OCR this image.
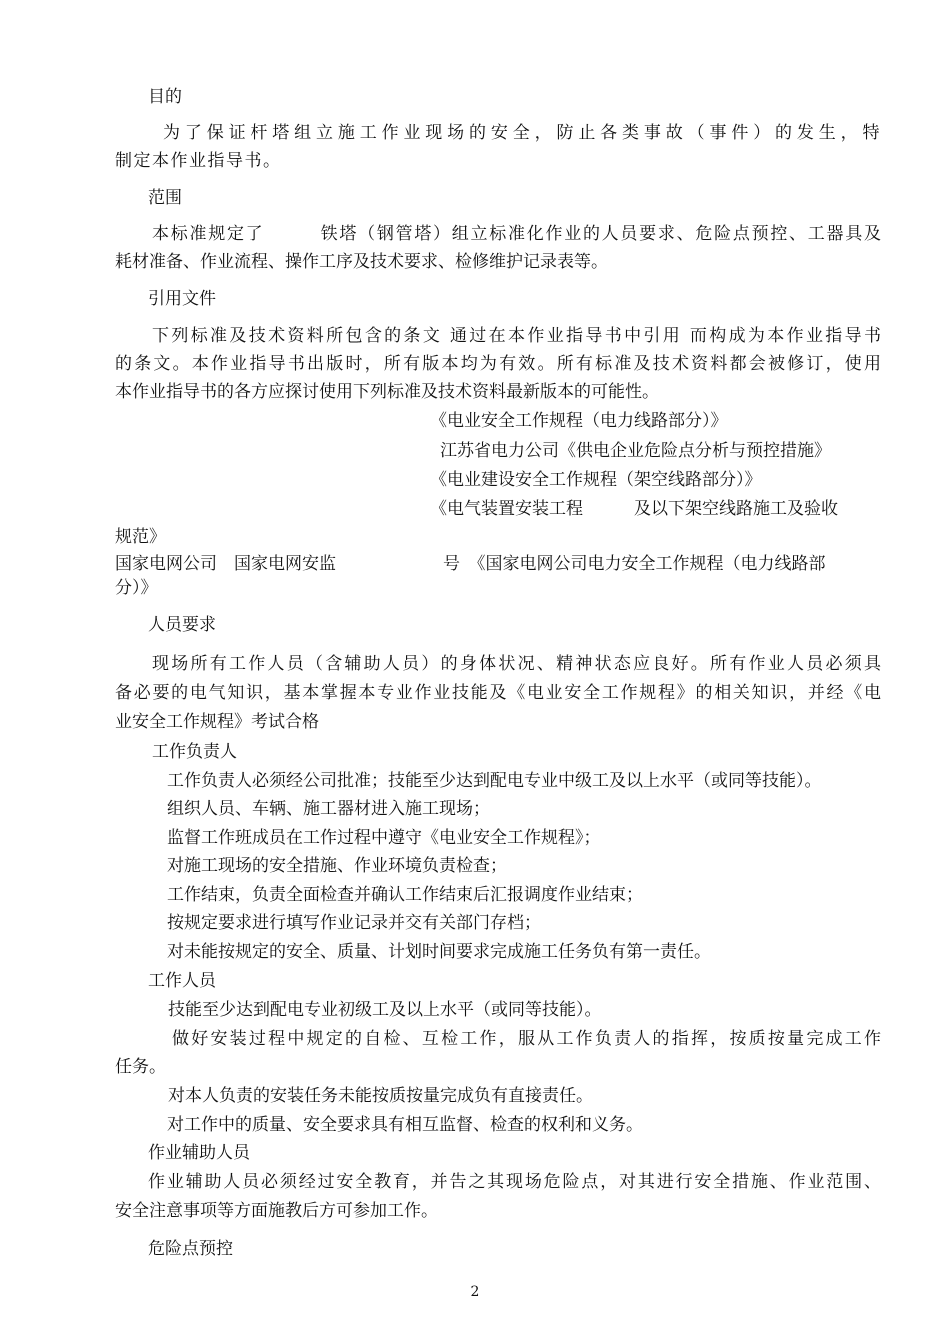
目的
为了保证杆塔组立施工作业现场的安全，防止各类事故（事件）的发生，特
制定本作业指导书。
范围
本标准规定了　　　铁塔（钢管塔）组立标准化作业的人员要求、危险点预控、工器具及
耗材准备、作业流程、操作工序及技术要求、检修维护记录表等。
引用文件
下列标准及技术资料所包含的条文 通过在本作业指导书中引用 而构成为本作业指导书
的条文。本作业指导书出版时，所有版本均为有效。所有标准及技术资料都会被修订，使用
本作业指导书的各方应探讨使用下列标准及技术资料最新版本的可能性。
《电业安全工作规程（电力线路部分）》
江苏省电力公司《供电企业危险点分析与预控措施》
《电业建设安全工作规程（架空线路部分）》
《电气装置安装工程　　　及以下架空线路施工及验收
规范》
国家电网公司　国家电网安监	号　《国家电网公司电力安全工作规程（电力线路部
分）》
人员要求
现场所有工作人员（含辅助人员）的身体状况、精神状态应良好。所有作业人员必须具
备必要的电气知识，基本掌握本专业作业技能及《电业安全工作规程》的相关知识，并经《电
业安全工作规程》考试合格
工作负责人
工作负责人必须经公司批准；技能至少达到配电专业中级工及以上水平（或同等技能）。
组织人员、车辆、施工器材进入施工现场；
监督工作班成员在工作过程中遵守《电业安全工作规程》；
对施工现场的安全措施、作业环境负责检查；
工作结束，负责全面检查并确认工作结束后汇报调度作业结束；
按规定要求进行填写作业记录并交有关部门存档；
对未能按规定的安全、质量、计划时间要求完成施工任务负有第一责任。
工作人员
技能至少达到配电专业初级工及以上水平（或同等技能）。
做好安装过程中规定的自检、互检工作，服从工作负责人的指挥，按质按量完成工作
任务。
对本人负责的安装任务未能按质按量完成负有直接责任。
对工作中的质量、安全要求具有相互监督、检查的权利和义务。
作业辅助人员
作业辅助人员必须经过安全教育，并告之其现场危险点，对其进行安全措施、作业范围、
安全注意事项等方面施教后方可参加工作。
危险点预控
2
